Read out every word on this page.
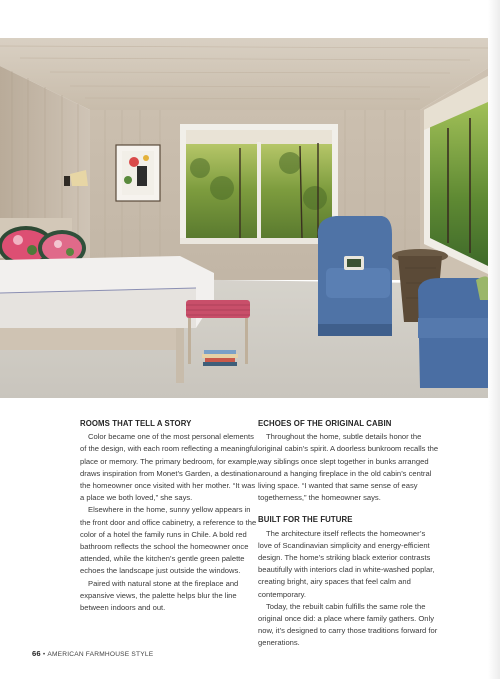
ROOMS THAT TELL A STORY

Color became one of the most personal elements of the design, with each room reflecting a meaningful place or memory. The primary bedroom, for example, draws inspiration from Monet’s Garden, a destination the homeowner once visited with her mother. “It was a place we both loved,” she says.

Elsewhere in the home, sunny yellow appears in the front door and office cabinetry, a reference to the color of a hotel the family runs in Chile. A bold red bathroom reflects the school the homeowner once attended, while the kitchen’s gentle green palette echoes the landscape just outside the windows.

Paired with natural stone at the fireplace and expansive views, the palette helps blur the line between indoors and out.

ECHOES OF THE ORIGINAL CABIN

Throughout the home, subtle details honor the original cabin’s spirit. A doorless bunkroom recalls the way siblings once slept together in bunks arranged around a hanging fireplace in the old cabin’s central living space. “I wanted that same sense of easy togetherness,” the homeowner says.

BUILT FOR THE FUTURE

The architecture itself reflects the homeowner’s love of Scandinavian simplicity and energy-efficient design. The home’s striking black exterior contrasts beautifully with interiors clad in white-washed poplar, creating bright, airy spaces that feel calm and contemporary.

Today, the rebuilt cabin fulfills the same role the original once did: a place where family gathers. Only now, it’s designed to carry those traditions forward for generations.

66 • AMERICAN FARMHOUSE STYLE
